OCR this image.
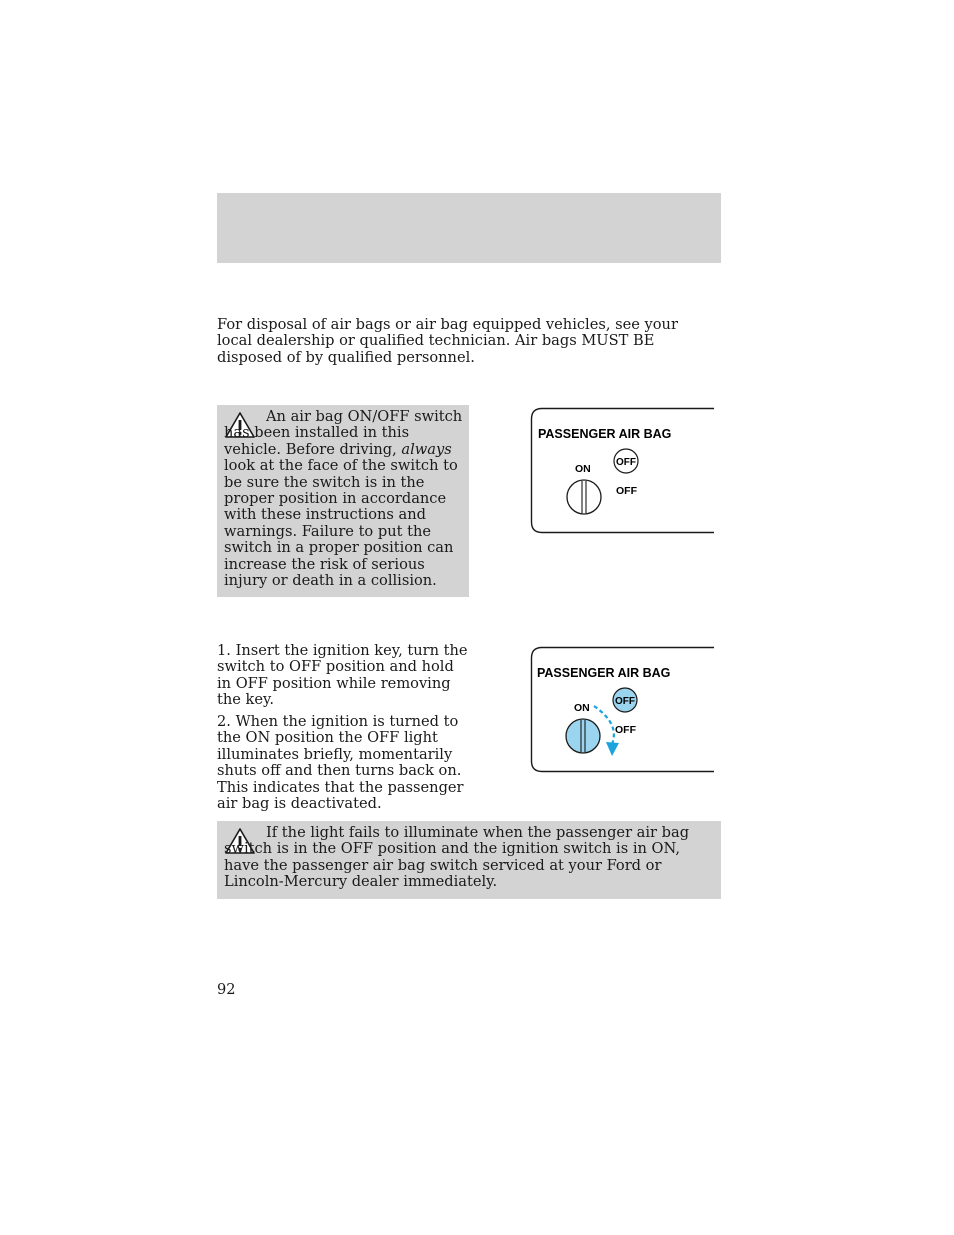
For disposal of air bags or air bag equipped vehicles, see your local dealership or qualified technician. Air bags MUST BE disposed of by qualified personnel.

An air bag ON/OFF switch has been installed in this vehicle. Before driving, always look at the face of the switch to be sure the switch is in the proper position in accordance with these instructions and warnings. Failure to put the switch in a proper position can increase the risk of serious injury or death in a collision.

PASSENGER AIR BAG
ON
OFF
OFF

1. Insert the ignition key, turn the switch to OFF position and hold in OFF position while removing the key.

2. When the ignition is turned to the ON position the OFF light illuminates briefly, momentarily shuts off and then turns back on. This indicates that the passenger air bag is deactivated.

PASSENGER AIR BAG
ON
OFF
OFF

If the light fails to illuminate when the passenger air bag switch is in the OFF position and the ignition switch is in ON, have the passenger air bag switch serviced at your Ford or Lincoln-Mercury dealer immediately.

92
